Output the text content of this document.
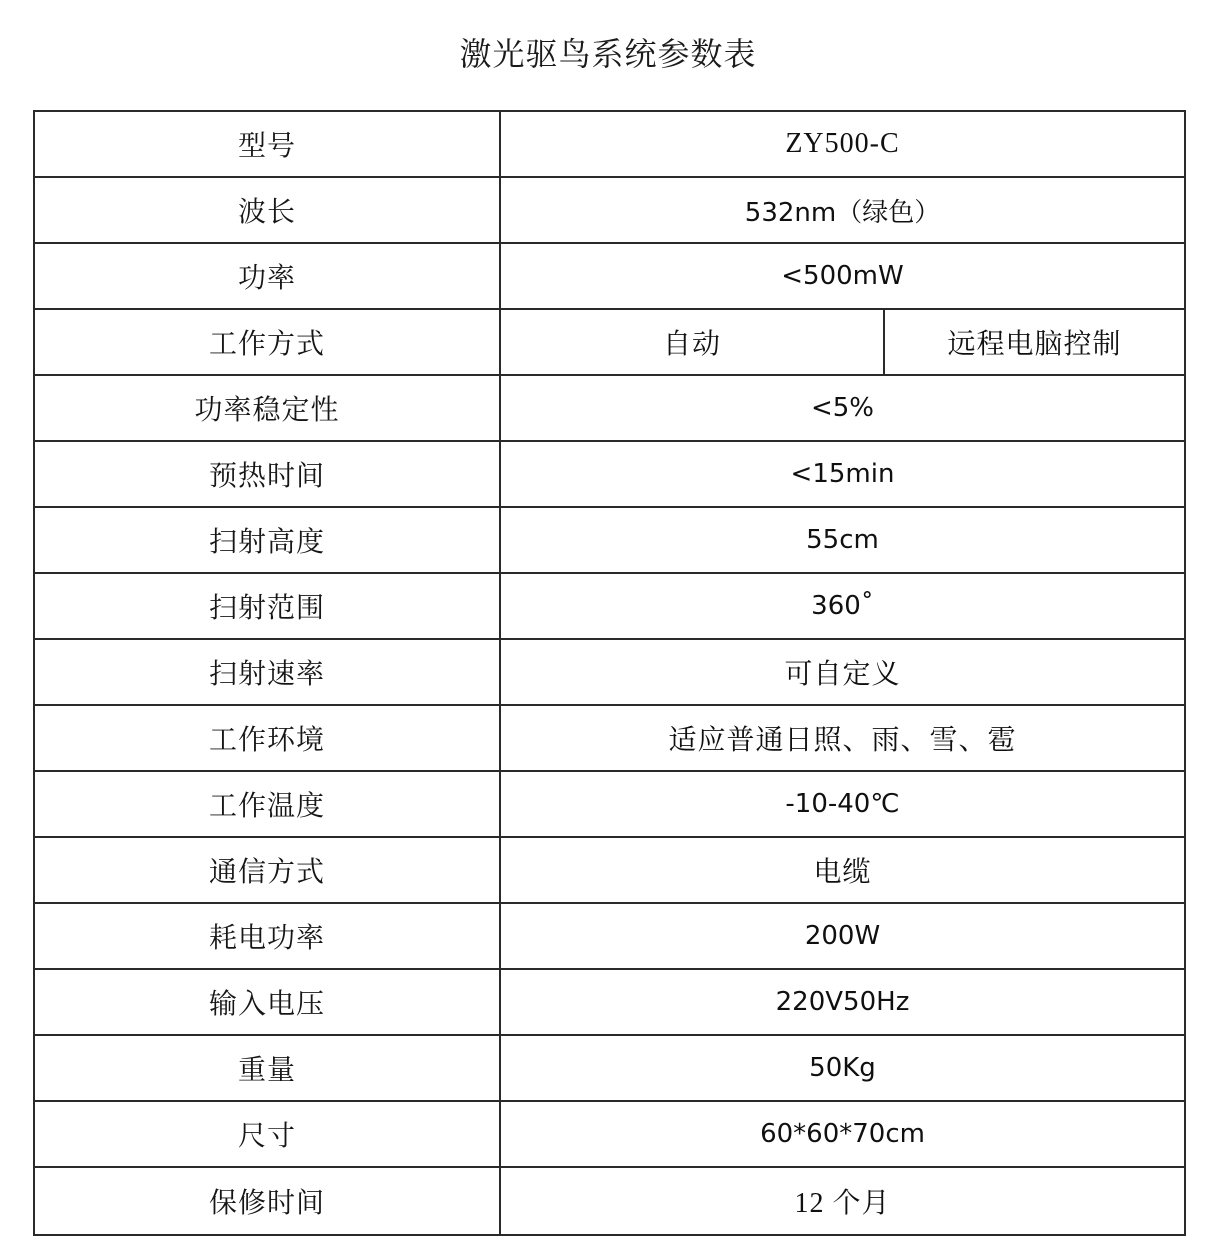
激光驱鸟系统参数表
型号	ZY500-C
波长	532nm（绿色）
功率	<500mW
工作方式	自动	远程电脑控制
功率稳定性	<5%
预热时间	<15min
扫射高度	55cm
扫射范围	360˚
扫射速率	可自定义
工作环境	适应普通日照、雨、雪、雹
工作温度	-10-40℃
通信方式	电缆
耗电功率	200W
输入电压	220V50Hz
重量	50Kg
尺寸	60*60*70cm
保修时间	12 个月
